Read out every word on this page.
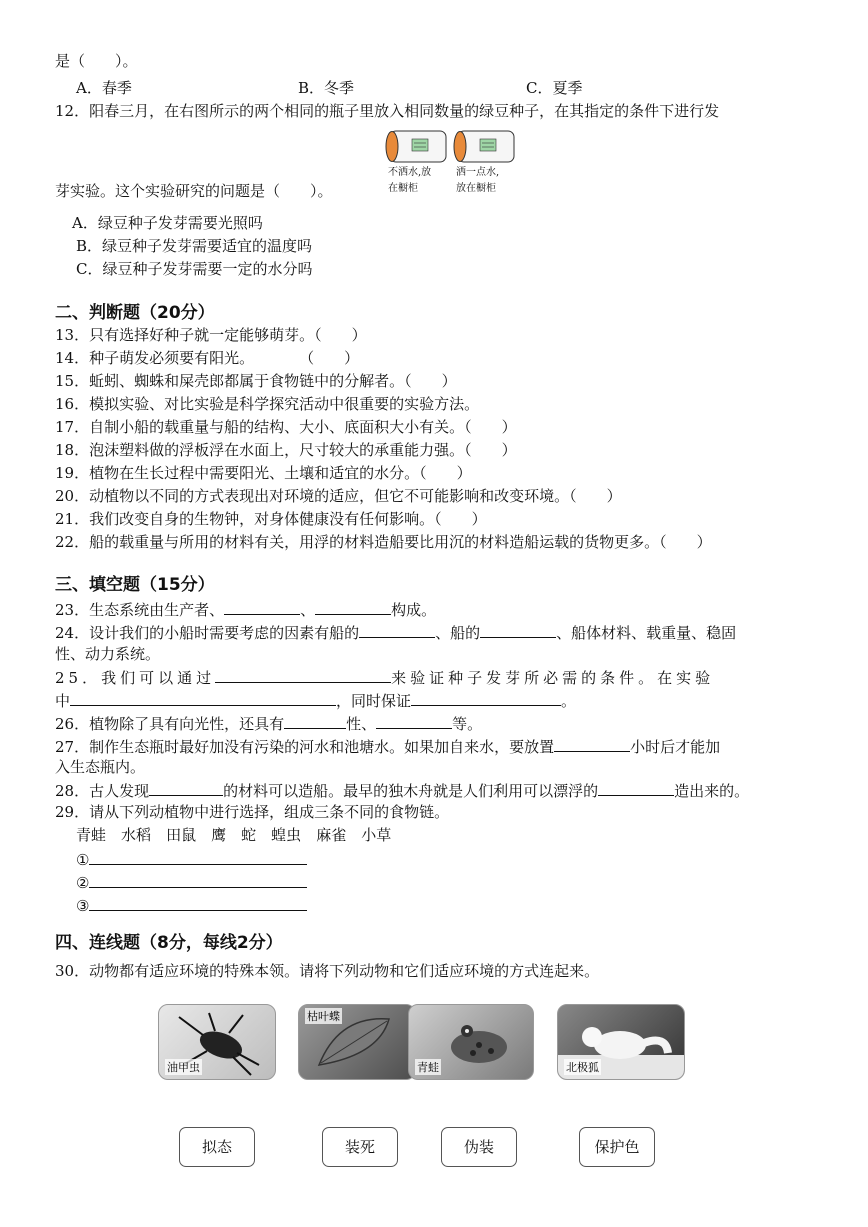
是（　　）。
A．春季	B．冬季	C．夏季
12．阳春三月，在右图所示的两个相同的瓶子里放入相同数量的绿豆种子，在其指定的条件下进行发
不洒水,放
在橱柜
洒一点水,
放在橱柜
芽实验。这个实验研究的问题是（　　）。
A．绿豆种子发芽需要光照吗
B．绿豆种子发芽需要适宜的温度吗
C．绿豆种子发芽需要一定的水分吗
二、判断题（20分）
13．只有选择好种子就一定能够萌芽。（　　）
14．种子萌发必须要有阳光。　　　　（　　）
15．蚯蚓、蜘蛛和屎壳郎都属于食物链中的分解者。（　　）
16．模拟实验、对比实验是科学探究活动中很重要的实验方法。
17．自制小船的载重量与船的结构、大小、底面积大小有关。（　　）
18．泡沫塑料做的浮板浮在水面上，尺寸较大的承重能力强。（　　）
19．植物在生长过程中需要阳光、土壤和适宜的水分。（　　）
20．动植物以不同的方式表现出对环境的适应，但它不可能影响和改变环境。（　　）
21．我们改变自身的生物钟，对身体健康没有任何影响。（　　）
22．船的载重量与所用的材料有关，用浮的材料造船要比用沉的材料造船运载的货物更多。（　　）
三、填空题（15分）
23．生态系统由生产者、	、	构成。
24．设计我们的小船时需要考虑的因素有船的	、船的	、船体材料、载重量、稳固
性、动力系统。
25．我们可以通过	来验证种子发芽所必需的条件。在实验
中	，同时保证	。
26．植物除了具有向光性，还具有	性、	等。
27．制作生态瓶时最好加没有污染的河水和池塘水。如果加自来水，要放置	小时后才能加
入生态瓶内。
28．古人发现	的材料可以造船。最早的独木舟就是人们利用可以漂浮的	造出来的。
29．请从下列动植物中进行选择，组成三条不同的食物链。
青蛙　 水稻　 田鼠　 鹰　 蛇　 蝗虫　 麻雀　 小草
①
②
③
四、连线题（8分，每线2分）
30．动物都有适应环境的特殊本领。请将下列动物和它们适应环境的方式连起来。
油甲虫
枯叶蝶
青蛙	北极狐
拟态	装死	伪装	保护色
